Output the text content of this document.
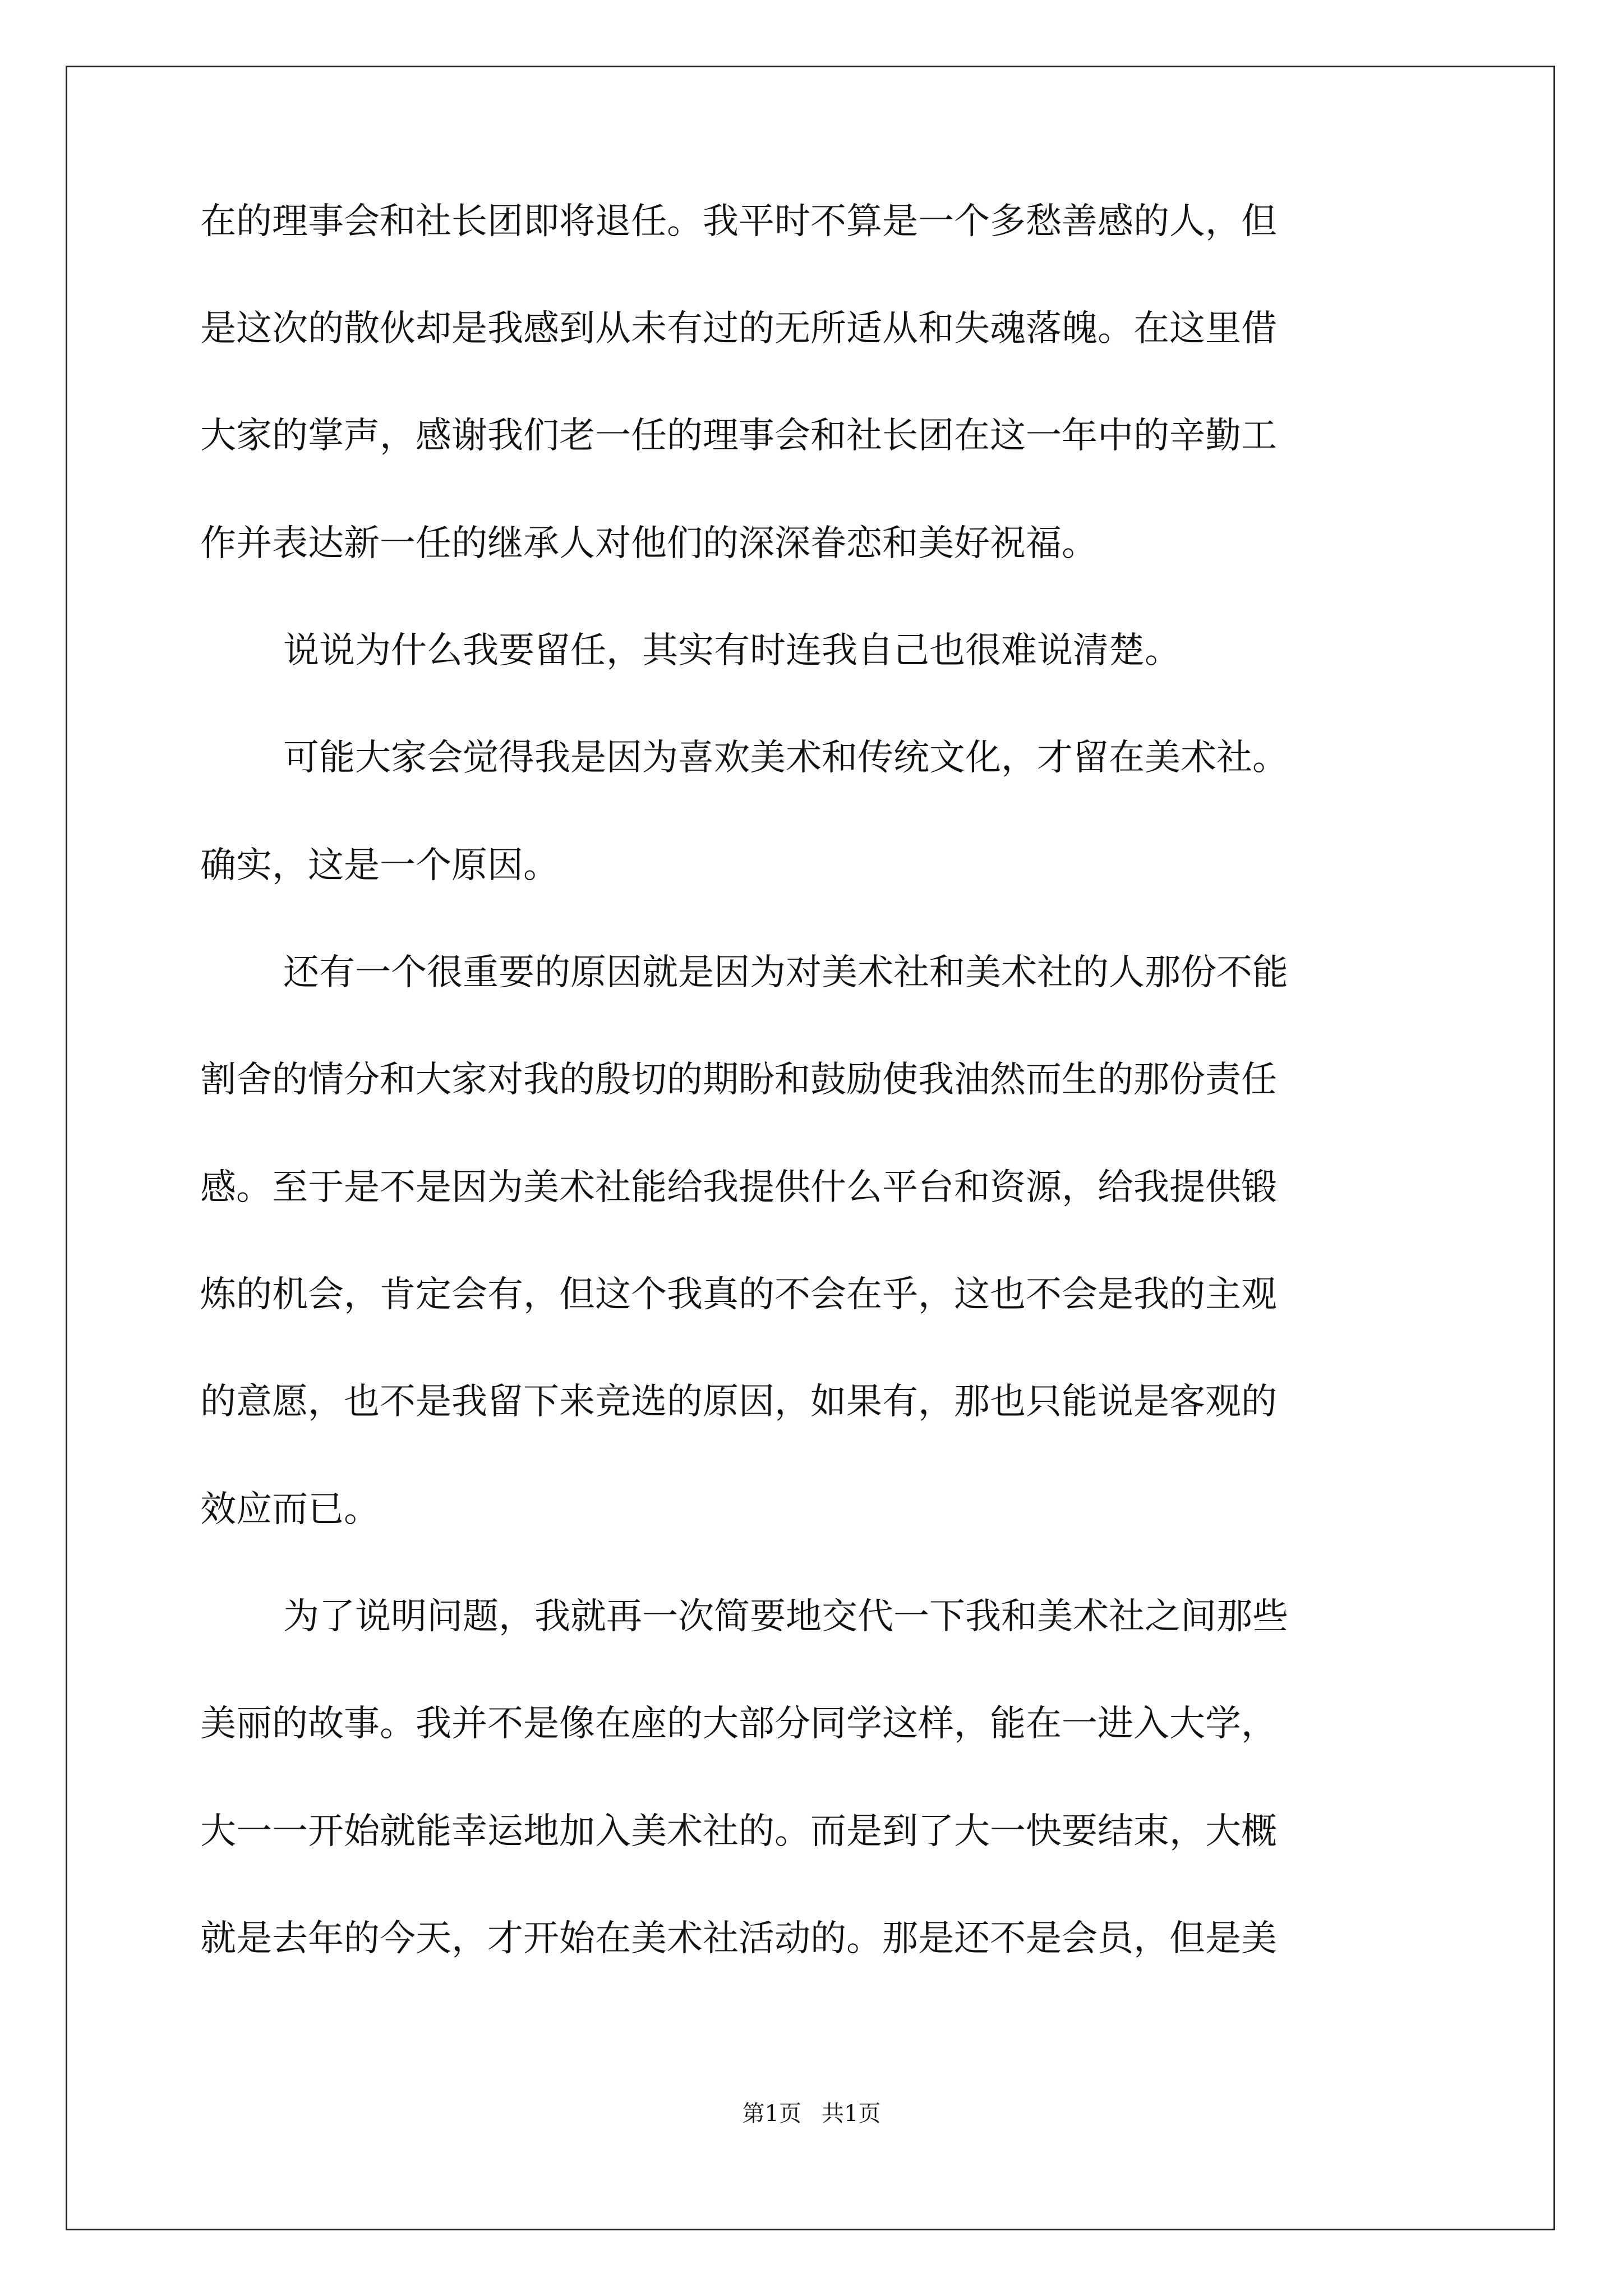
在的理事会和社长团即将退任。我平时不算是一个多愁善感的人，但
是这次的散伙却是我感到从未有过的无所适从和失魂落魄。在这里借
大家的掌声，感谢我们老一任的理事会和社长团在这一年中的辛勤工
作并表达新一任的继承人对他们的深深眷恋和美好祝福。
说说为什么我要留任，其实有时连我自己也很难说清楚。
可能大家会觉得我是因为喜欢美术和传统文化，才留在美术社。
确实，这是一个原因。
还有一个很重要的原因就是因为对美术社和美术社的人那份不能
割舍的情分和大家对我的殷切的期盼和鼓励使我油然而生的那份责任
感。至于是不是因为美术社能给我提供什么平台和资源，给我提供锻
炼的机会，肯定会有，但这个我真的不会在乎，这也不会是我的主观
的意愿，也不是我留下来竞选的原因，如果有，那也只能说是客观的
效应而已。
为了说明问题，我就再一次简要地交代一下我和美术社之间那些
美丽的故事。我并不是像在座的大部分同学这样，能在一进入大学，
大一一开始就能幸运地加入美术社的。而是到了大一快要结束，大概
就是去年的今天，才开始在美术社活动的。那是还不是会员，但是美
第1页 共1页
